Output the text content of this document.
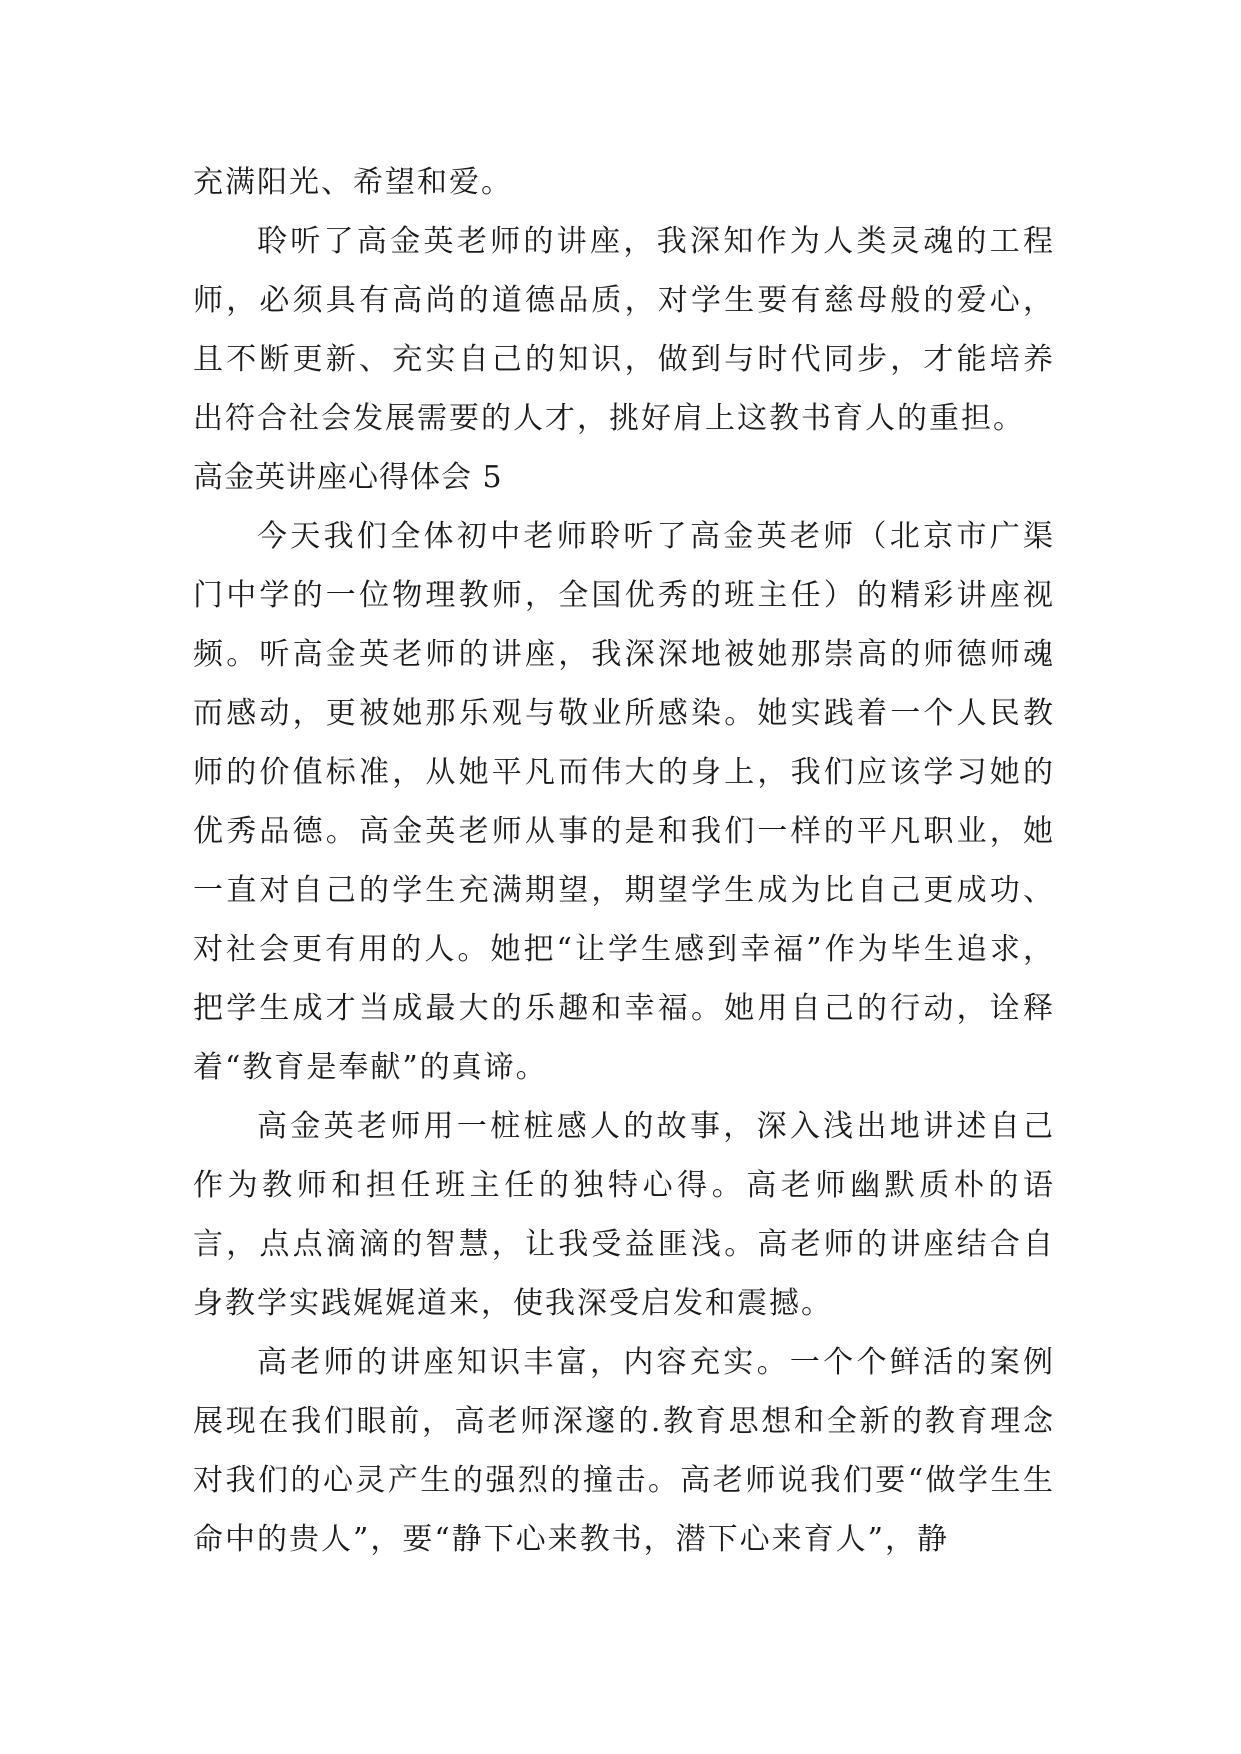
充满阳光、希望和爱。

聆听了高金英老师的讲座，我深知作为人类灵魂的工程师，必须具有高尚的道德品质，对学生要有慈母般的爱心，且不断更新、充实自己的知识，做到与时代同步，才能培养出符合社会发展需要的人才，挑好肩上这教书育人的重担。

高金英讲座心得体会 5

今天我们全体初中老师聆听了高金英老师（北京市广渠门中学的一位物理教师，全国优秀的班主任）的精彩讲座视频。听高金英老师的讲座，我深深地被她那崇高的师德师魂而感动，更被她那乐观与敬业所感染。她实践着一个人民教师的价值标准，从她平凡而伟大的身上，我们应该学习她的优秀品德。高金英老师从事的是和我们一样的平凡职业，她一直对自己的学生充满期望，期望学生成为比自己更成功、对社会更有用的人。她把“让学生感到幸福”作为毕生追求，把学生成才当成最大的乐趣和幸福。她用自己的行动，诠释着“教育是奉献”的真谛。

高金英老师用一桩桩感人的故事，深入浅出地讲述自己作为教师和担任班主任的独特心得。高老师幽默质朴的语言，点点滴滴的智慧，让我受益匪浅。高老师的讲座结合自身教学实践娓娓道来，使我深受启发和震撼。

高老师的讲座知识丰富，内容充实。一个个鲜活的案例展现在我们眼前，高老师深邃的.教育思想和全新的教育理念对我们的心灵产生的强烈的撞击。高老师说我们要“做学生生命中的贵人”，要“静下心来教书，潜下心来育人”，静
